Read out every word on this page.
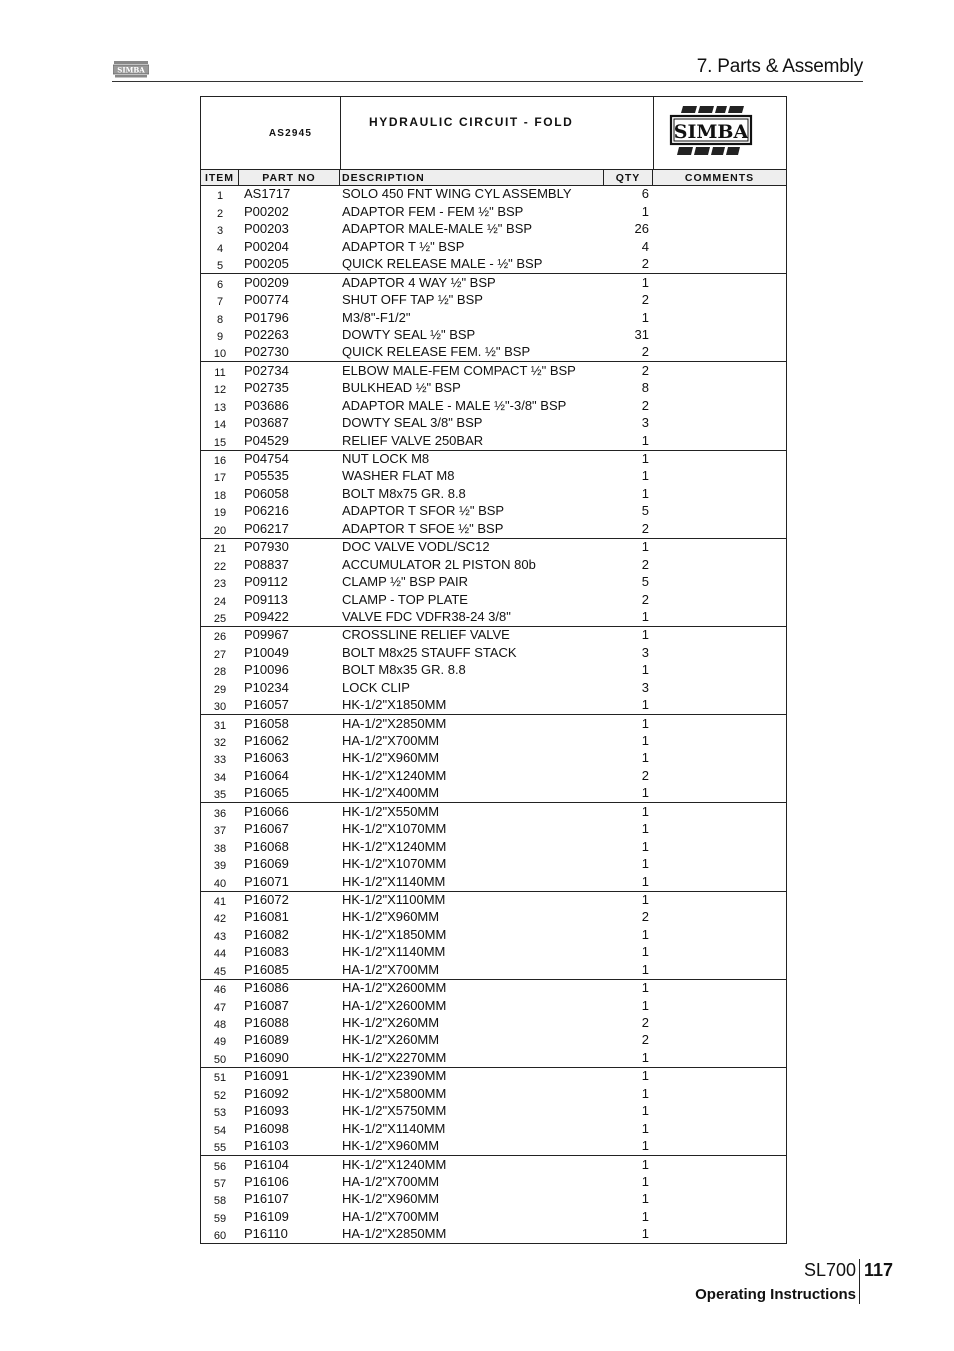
SIMBA	7. Parts & Assembly
AS2945
HYDRAULIC CIRCUIT - FOLD	SIMBA
ITEM	PART NO	DESCRIPTION	QTY	COMMENTS
1	AS1717	SOLO 450 FNT WING CYL ASSEMBLY	6
2	P00202	ADAPTOR FEM - FEM ½" BSP	1
3	P00203	ADAPTOR MALE-MALE ½" BSP	26
4	P00204	ADAPTOR T ½" BSP	4
5	P00205	QUICK RELEASE MALE - ½" BSP	2
6	P00209	ADAPTOR 4 WAY ½" BSP	1
7	P00774	SHUT OFF TAP ½" BSP	2
8	P01796	M3/8"-F1/2"	1
9	P02263	DOWTY SEAL ½" BSP	31
10	P02730	QUICK RELEASE FEM. ½" BSP	2
11	P02734	ELBOW MALE-FEM COMPACT ½" BSP	2
12	P02735	BULKHEAD ½" BSP	8
13	P03686	ADAPTOR MALE - MALE ½"-3/8" BSP	2
14	P03687	DOWTY SEAL 3/8" BSP	3
15	P04529	RELIEF VALVE 250BAR	1
16	P04754	NUT LOCK M8	1
17	P05535	WASHER FLAT M8	1
18	P06058	BOLT M8x75 GR. 8.8	1
19	P06216	ADAPTOR T SFOR ½" BSP	5
20	P06217	ADAPTOR T SFOE ½" BSP	2
21	P07930	DOC VALVE VODL/SC12	1
22	P08837	ACCUMULATOR 2L PISTON 80b	2
23	P09112	CLAMP ½" BSP PAIR	5
24	P09113	CLAMP - TOP PLATE	2
25	P09422	VALVE FDC VDFR38-24 3/8"	1
26	P09967	CROSSLINE RELIEF VALVE	1
27	P10049	BOLT M8x25 STAUFF STACK	3
28	P10096	BOLT M8x35 GR. 8.8	1
29	P10234	LOCK CLIP	3
30	P16057	HK-1/2"X1850MM	1
31	P16058	HA-1/2"X2850MM	1
32	P16062	HA-1/2"X700MM	1
33	P16063	HK-1/2"X960MM	1
34	P16064	HK-1/2"X1240MM	2
35	P16065	HK-1/2"X400MM	1
36	P16066	HK-1/2"X550MM	1
37	P16067	HK-1/2"X1070MM	1
38	P16068	HK-1/2"X1240MM	1
39	P16069	HK-1/2"X1070MM	1
40	P16071	HK-1/2"X1140MM	1
41	P16072	HK-1/2"X1100MM	1
42	P16081	HK-1/2"X960MM	2
43	P16082	HK-1/2"X1850MM	1
44	P16083	HK-1/2"X1140MM	1
45	P16085	HA-1/2"X700MM	1
46	P16086	HA-1/2"X2600MM	1
47	P16087	HA-1/2"X2600MM	1
48	P16088	HK-1/2"X260MM	2
49	P16089	HK-1/2"X260MM	2
50	P16090	HK-1/2"X2270MM	1
51	P16091	HK-1/2"X2390MM	1
52	P16092	HK-1/2"X5800MM	1
53	P16093	HK-1/2"X5750MM	1
54	P16098	HK-1/2"X1140MM	1
55	P16103	HK-1/2"X960MM	1
56	P16104	HK-1/2"X1240MM	1
57	P16106	HA-1/2"X700MM	1
58	P16107	HK-1/2"X960MM	1
59	P16109	HA-1/2"X700MM	1
60	P16110	HA-1/2"X2850MM	1
SL700 117
Operating Instructions
